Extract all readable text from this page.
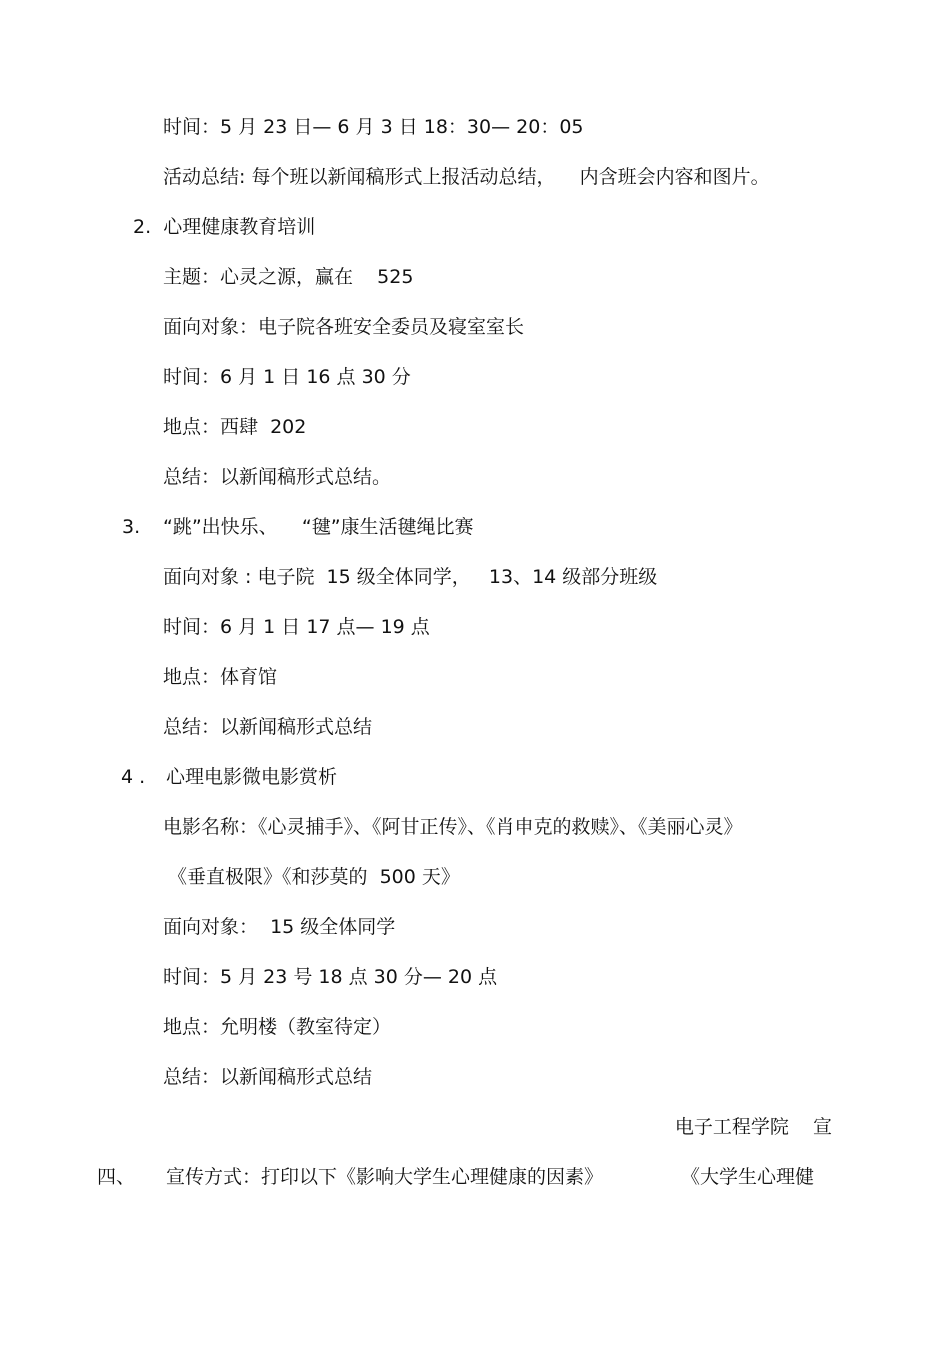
时间：5 月 23 日— 6 月 3 日 18：30— 20：05
活动总结: 每个班以新闻稿形式上报活动总结，    内含班会内容和图片。
2.  心理健康教育培训
主题：心灵之源，赢在    525
面向对象：电子院各班安全委员及寝室室长
时间：6 月 1 日 16 点 30 分
地点：西肆  202
总结：以新闻稿形式总结。
3. “跳”出快乐、    “毽”康生活毽绳比赛
面向对象 : 电子院  15 级全体同学，   13、14 级部分班级
时间：6 月 1 日 17 点— 19 点
地点：体育馆
总结：以新闻稿形式总结
4 . 心理电影微电影赏析
电影名称：《心灵捕手》、《阿甘正传》、《肖申克的救赎》、《美丽心灵》
《垂直极限》《和莎莫的  500 天》
面向对象：  15 级全体同学
时间：5 月 23 号 18 点 30 分— 20 点
地点：允明楼（教室待定）
总结：以新闻稿形式总结
电子工程学院    宣
四、 宣传方式：打印以下《影响大学生心理健康的因素》	《大学生心理健
